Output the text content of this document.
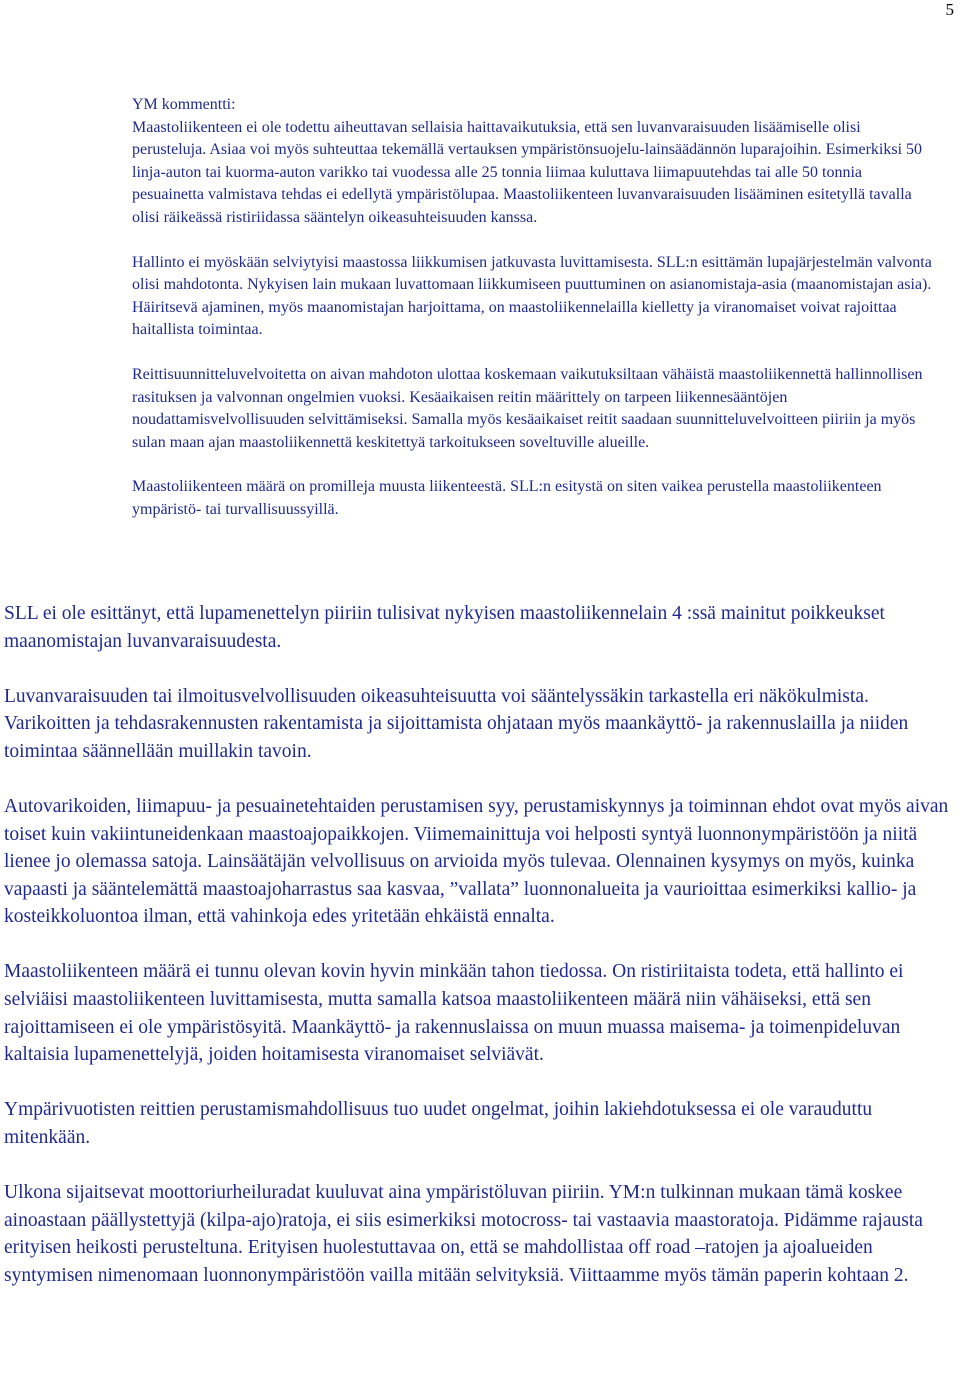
5
YM kommentti:

Maastoliikenteen ei ole todettu aiheuttavan sellaisia haittavaikutuksia, että sen luvanvaraisuuden lisäämiselle olisi perusteluja. Asiaa voi myös suhteuttaa tekemällä vertauksen ympäristönsuojelu-lainsäädännön luparajoihin. Esimerkiksi 50 linja-auton tai kuorma-auton varikko tai vuodessa alle 25 tonnia liimaa kuluttava liimapuutehdas tai alle 50 tonnia pesuainetta valmistava tehdas ei edellytä ympäristölupaa. Maastoliikenteen luvanvaraisuuden lisääminen esitetyllä tavalla olisi räikeässä ristiriidassa sääntelyn oikeasuhteisuuden kanssa.

Hallinto ei myöskään selviytyisi maastossa liikkumisen jatkuvasta luvittamisesta. SLL:n esittämän lupajärjestelmän valvonta olisi mahdotonta. Nykyisen lain mukaan luvattomaan liikkumiseen puuttuminen on asianomistaja-asia (maanomistajan asia). Häiritsevä ajaminen, myös maanomistajan harjoittama, on maastoliikennelailla kielletty ja viranomaiset voivat rajoittaa haitallista toimintaa.

Reittisuunnitteluvelvoitetta on aivan mahdoton ulottaa koskemaan vaikutuksiltaan vähäistä maastoliikennettä hallinnollisen rasituksen ja valvonnan ongelmien vuoksi. Kesäaikaisen reitin määrittely on tarpeen liikennesääntöjen noudattamisvelvollisuuden selvittämiseksi. Samalla myös kesäaikaiset reitit saadaan suunnitteluvelvoitteen piiriin ja myös sulan maan ajan maastoliikennettä keskitettyä tarkoitukseen soveltuville alueille.

Maastoliikenteen määrä on promilleja muusta liikenteestä. SLL:n esitystä on siten vaikea perustella maastoliikenteen ympäristö- tai turvallisuussyillä.

SLL ei ole esittänyt, että lupamenettelyn piiriin tulisivat nykyisen maastoliikennelain 4 :ssä mainitut poikkeukset maanomistajan luvanvaraisuudesta.

Luvanvaraisuuden tai ilmoitusvelvollisuuden oikeasuhteisuutta voi sääntelyssäkin tarkastella eri näkökulmista. Varikoitten ja tehdasrakennusten rakentamista ja sijoittamista ohjataan myös maankäyttö- ja rakennuslailla ja niiden toimintaa säännellään muillakin tavoin.

Autovarikoiden, liimapuu- ja pesuainetehtaiden perustamisen syy, perustamiskynnys ja toiminnan ehdot ovat myös aivan toiset kuin vakiintuneidenkaan maastoajopaikkojen. Viimemainittuja voi helposti syntyä luonnonympäristöön ja niitä lienee jo olemassa satoja. Lainsäätäjän velvollisuus on arvioida myös tulevaa. Olennainen kysymys on myös, kuinka vapaasti ja sääntelemättä maastoajoharrastus saa kasvaa, ”vallata” luonnonalueita ja vaurioittaa esimerkiksi kallio- ja kosteikkoluontoa ilman, että vahinkoja edes yritetään ehkäistä ennalta.

Maastoliikenteen määrä ei tunnu olevan kovin hyvin minkään tahon tiedossa. On ristiriitaista todeta, että hallinto ei selviäisi maastoliikenteen luvittamisesta, mutta samalla katsoa maastoliikenteen määrä niin vähäiseksi, että sen rajoittamiseen ei ole ympäristösyitä. Maankäyttö- ja rakennuslaissa on muun muassa maisema- ja toimenpideluvan kaltaisia lupamenettelyjä, joiden hoitamisesta viranomaiset selviävät.

Ympärivuotisten reittien perustamismahdollisuus tuo uudet ongelmat, joihin lakiehdotuksessa ei ole varauduttu mitenkään.

Ulkona sijaitsevat moottoriurheiluradat kuuluvat aina ympäristöluvan piiriin. YM:n tulkinnan mukaan tämä koskee ainoastaan päällystettyjä (kilpa-ajo)ratoja, ei siis esimerkiksi motocross- tai vastaavia maastoratoja. Pidämme rajausta erityisen heikosti perusteltuna. Erityisen huolestuttavaa on, että se mahdollistaa off road –ratojen ja ajoalueiden syntymisen nimenomaan luonnonympäristöön vailla mitään selvityksiä. Viittaamme myös tämän paperin kohtaan 2.
